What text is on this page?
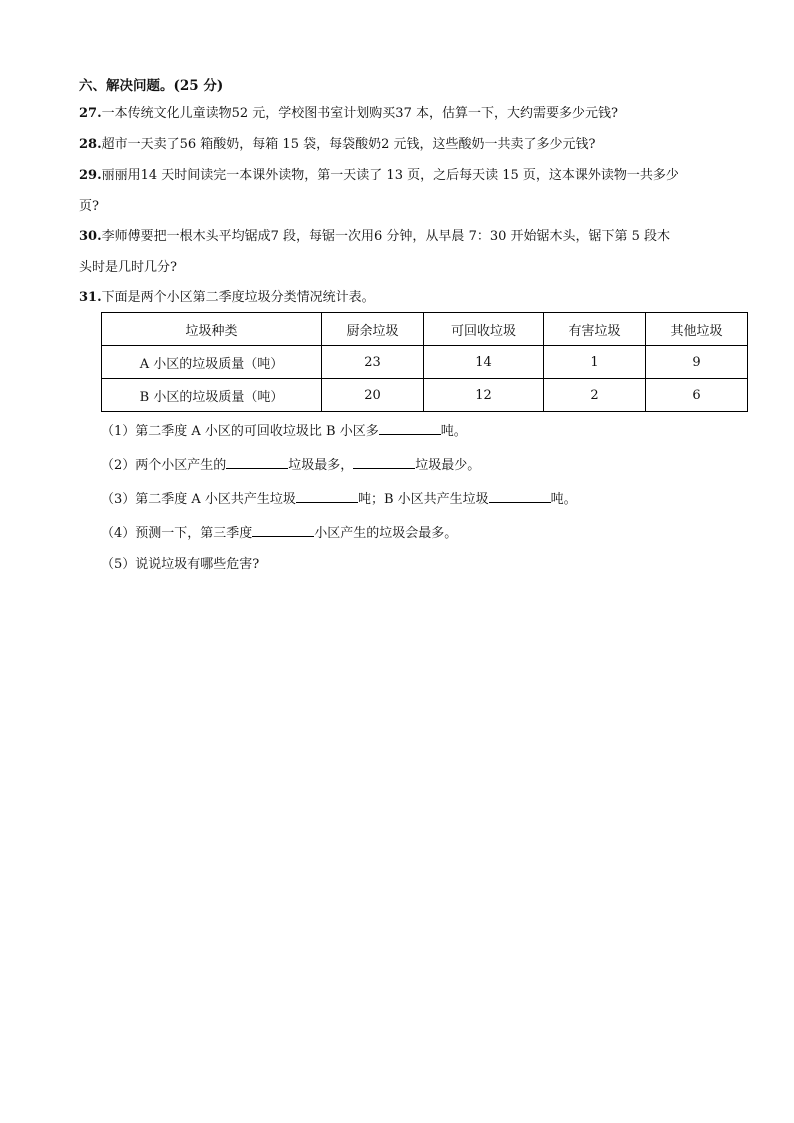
六、解决问题。(25 分)
27.一本传统文化儿童读物52 元，学校图书室计划购买37 本，估算一下，大约需要多少元钱?
28.超市一天卖了56 箱酸奶，每箱 15 袋，每袋酸奶2 元钱，这些酸奶一共卖了多少元钱?
29.丽丽用14 天时间读完一本课外读物，第一天读了 13 页，之后每天读 15 页，这本课外读物一共多少
页?
30.李师傅要把一根木头平均锯成7 段，每锯一次用6 分钟，从早晨 7：30 开始锯木头，锯下第 5 段木
头时是几时几分?
31.下面是两个小区第二季度垃圾分类情况统计表。
垃圾种类	厨余垃圾	可回收垃圾	有害垃圾	其他垃圾
A 小区的垃圾质量（吨）	23	14	1	9
B 小区的垃圾质量（吨）	20	12	2	6
（1）第二季度 A 小区的可回收垃圾比 B 小区多	吨。
（2）两个小区产生的	垃圾最多，	垃圾最少。
（3）第二季度 A 小区共产生垃圾	吨；B 小区共产生垃圾	吨。
（4）预测一下，第三季度	小区产生的垃圾会最多。
（5）说说垃圾有哪些危害?
